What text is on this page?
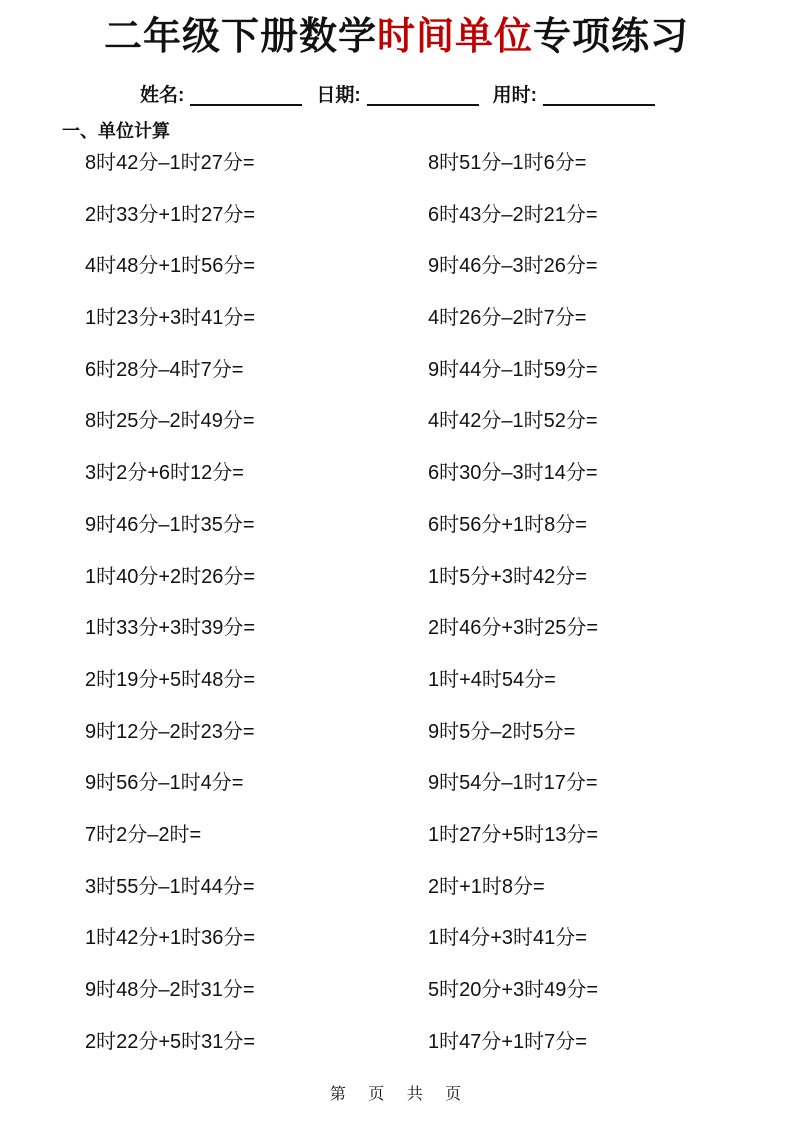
二年级下册数学时间单位专项练习
姓名:	日期:	用时:
一、单位计算
8时42分–1时27分=	8时51分–1时6分=
2时33分+1时27分=	6时43分–2时21分=
4时48分+1时56分=	9时46分–3时26分=
1时23分+3时41分=	4时26分–2时7分=
6时28分–4时7分=	9时44分–1时59分=
8时25分–2时49分=	4时42分–1时52分=
3时2分+6时12分=	6时30分–3时14分=
9时46分–1时35分=	6时56分+1时8分=
1时40分+2时26分=	1时5分+3时42分=
1时33分+3时39分=	2时46分+3时25分=
2时19分+5时48分=	1时+4时54分=
9时12分–2时23分=	9时5分–2时5分=
9时56分–1时4分=	9时54分–1时17分=
7时2分–2时=	1时27分+5时13分=
3时55分–1时44分=	2时+1时8分=
1时42分+1时36分=	1时4分+3时41分=
9时48分–2时31分=	5时20分+3时49分=
2时22分+5时31分=	1时47分+1时7分=
第 页 共 页
